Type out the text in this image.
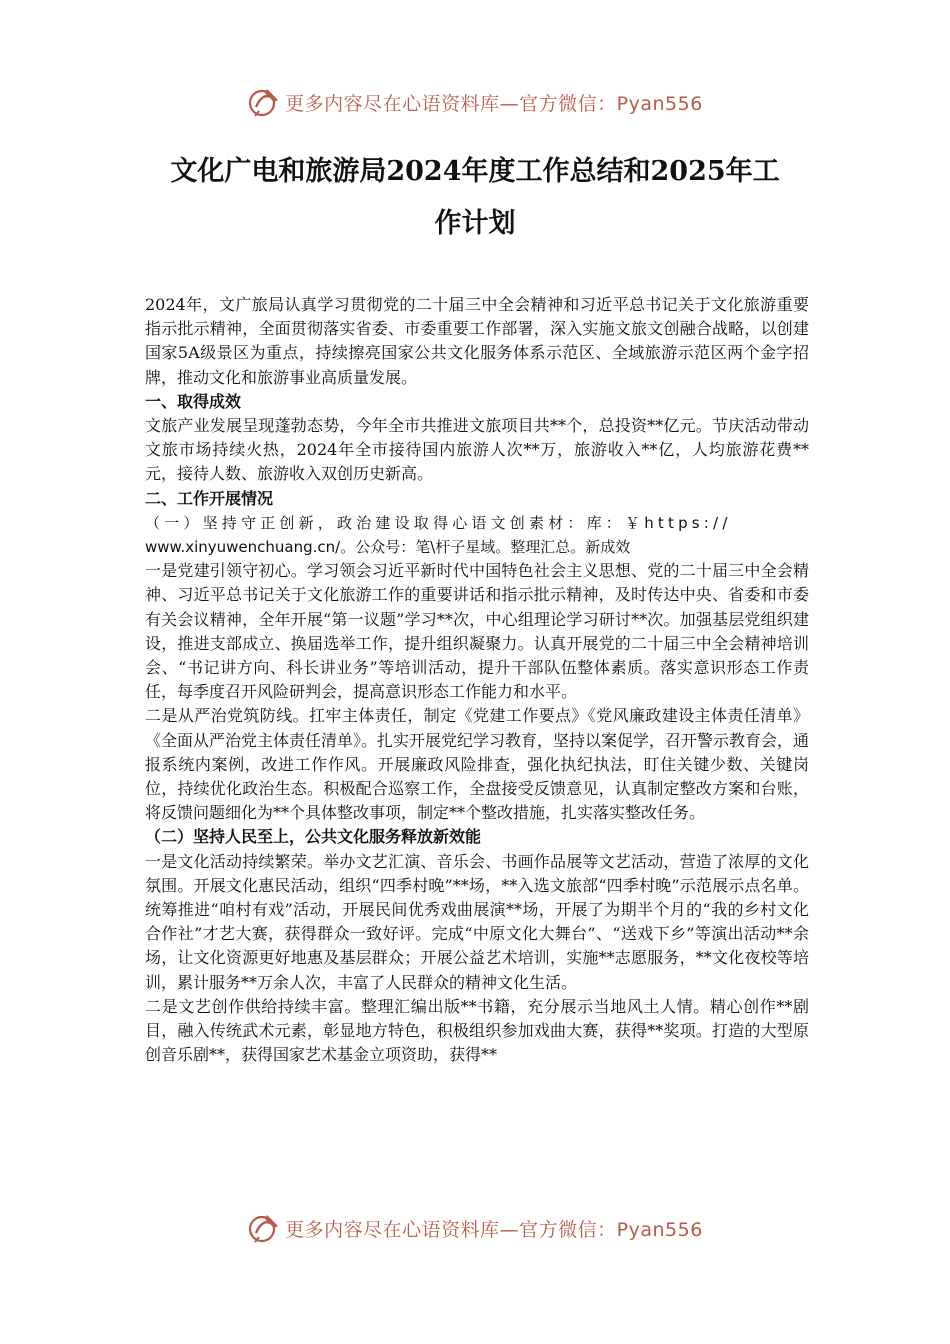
更多内容尽在心语资料库—官方微信：Pyan556
文化广电和旅游局2024年度工作总结和2025年工
作计划

2024年，文广旅局认真学习贯彻党的二十届三中全会精神和习近平总书记关于文化旅游重要指示批示精神，全面贯彻落实省委、市委重要工作部署，深入实施文旅文创融合战略，以创建国家5A级景区为重点，持续擦亮国家公共文化服务体系示范区、全域旅游示范区两个金字招牌，推动文化和旅游事业高质量发展。

一、取得成效

文旅产业发展呈现蓬勃态势，今年全市共推进文旅项目共**个，总投资**亿元。节庆活动带动文旅市场持续火热，2024年全市接待国内旅游人次**万，旅游收入**亿，人均旅游花费**元，接待人数、旅游收入双创历史新高。

二、工作开展情况

（一）坚持守正创新，政治建设取得心语文创素材：库：￥https://
www.xinyuwenchuang.cn/。公众号：笔\杆子星域。整理汇总。新成效

一是党建引领守初心。学习领会习近平新时代中国特色社会主义思想、党的二十届三中全会精神、习近平总书记关于文化旅游工作的重要讲话和指示批示精神，及时传达中央、省委和市委有关会议精神，全年开展“第一议题”学习**次，中心组理论学习研讨**次。加强基层党组织建设，推进支部成立、换届选举工作，提升组织凝聚力。认真开展党的二十届三中全会精神培训会、“书记讲方向、科长讲业务”等培训活动，提升干部队伍整体素质。落实意识形态工作责任，每季度召开风险研判会，提高意识形态工作能力和水平。

二是从严治党筑防线。扛牢主体责任，制定《党建工作要点》《党风廉政建设主体责任清单》《全面从严治党主体责任清单》。扎实开展党纪学习教育，坚持以案促学，召开警示教育会，通报系统内案例，改进工作作风。开展廉政风险排查，强化执纪执法，盯住关键少数、关键岗位，持续优化政治生态。积极配合巡察工作，全盘接受反馈意见，认真制定整改方案和台账，将反馈问题细化为**个具体整改事项，制定**个整改措施，扎实落实整改任务。

（二）坚持人民至上，公共文化服务释放新效能

一是文化活动持续繁荣。举办文艺汇演、音乐会、书画作品展等文艺活动，营造了浓厚的文化氛围。开展文化惠民活动，组织“四季村晚”**场，**入选文旅部“四季村晚”示范展示点名单。统筹推进“咱村有戏”活动，开展民间优秀戏曲展演**场，开展了为期半个月的“我的乡村文化合作社”才艺大赛，获得群众一致好评。完成“中原文化大舞台”、“送戏下乡”等演出活动**余场，让文化资源更好地惠及基层群众；开展公益艺术培训，实施**志愿服务，**文化夜校等培训，累计服务**万余人次，丰富了人民群众的精神文化生活。

二是文艺创作供给持续丰富。整理汇编出版**书籍，充分展示当地风土人情。精心创作**剧目，融入传统武术元素，彰显地方特色，积极组织参加戏曲大赛，获得**奖项。打造的大型原创音乐剧**，获得国家艺术基金立项资助，获得**

更多内容尽在心语资料库—官方微信：Pyan556
